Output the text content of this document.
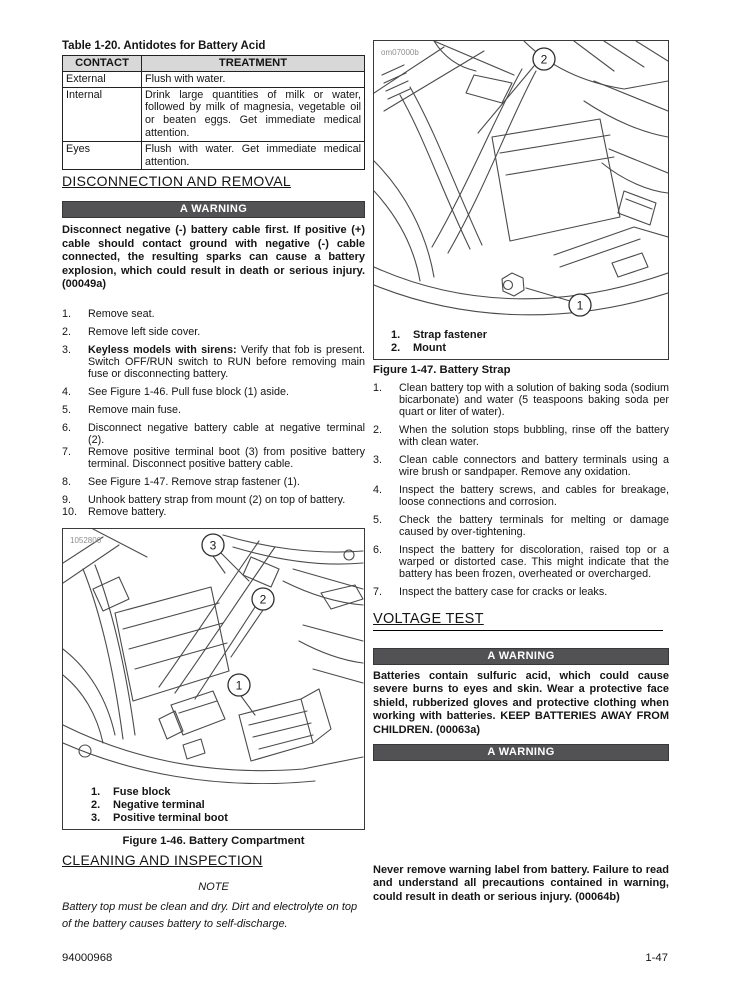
Table 1-20. Antidotes for Battery Acid
CONTACT	TREATMENT
External	Flush with water.
Internal	Drink large quantities of milk or water, followed by milk of magnesia, vegetable oil or beaten eggs. Get immediate medical attention.
Eyes	Flush with water. Get immediate medical attention.
DISCONNECTION AND REMOVAL
A WARNING

Disconnect negative (-) battery cable first. If positive (+) cable should contact ground with negative (-) cable connected, the resulting sparks can cause a battery explosion, which could result in death or serious injury. (00049a)

1.	Remove seat.
2.	Remove left side cover.
3.	Keyless models with sirens: Verify that fob is present. Switch OFF/RUN switch to RUN before removing main fuse or disconnecting battery.
4.	See Figure 1-46. Pull fuse block (1) aside.
5.	Remove main fuse.
6.	Disconnect negative battery cable at negative terminal (2).
7.	Remove positive terminal boot (3) from positive battery terminal. Disconnect positive battery cable.
8.	See Figure 1-47. Remove strap fastener (1).
9.	Unhook battery strap from mount (2) on top of battery.
10.	Remove battery.
1052800	3
2
1
1.	Fuse block
2.	Negative terminal
3.	Positive terminal boot
Figure 1-46. Battery Compartment
CLEANING AND INSPECTION
NOTE

Battery top must be clean and dry. Dirt and electrolyte on top of the battery causes battery to self-discharge.

om07000b	2
1
1.	Strap fastener
2.	Mount
Figure 1-47. Battery Strap
1.	Clean battery top with a solution of baking soda (sodium bicarbonate) and water (5 teaspoons baking soda per quart or liter of water).
2.	When the solution stops bubbling, rinse off the battery with clean water.
3.	Clean cable connectors and battery terminals using a wire brush or sandpaper. Remove any oxidation.
4.	Inspect the battery screws, and cables for breakage, loose connections and corrosion.
5.	Check the battery terminals for melting or damage caused by over-tightening.
6.	Inspect the battery for discoloration, raised top or a warped or distorted case. This might indicate that the battery has been frozen, overheated or overcharged.
7.	Inspect the battery case for cracks or leaks.
VOLTAGE TEST
A WARNING

Batteries contain sulfuric acid, which could cause severe burns to eyes and skin. Wear a protective face shield, rubberized gloves and protective clothing when working with batteries. KEEP BATTERIES AWAY FROM CHILDREN. (00063a)

A WARNING

Never remove warning label from battery. Failure to read and understand all precautions contained in warning, could result in death or serious injury. (00064b)

94000968	1-47
